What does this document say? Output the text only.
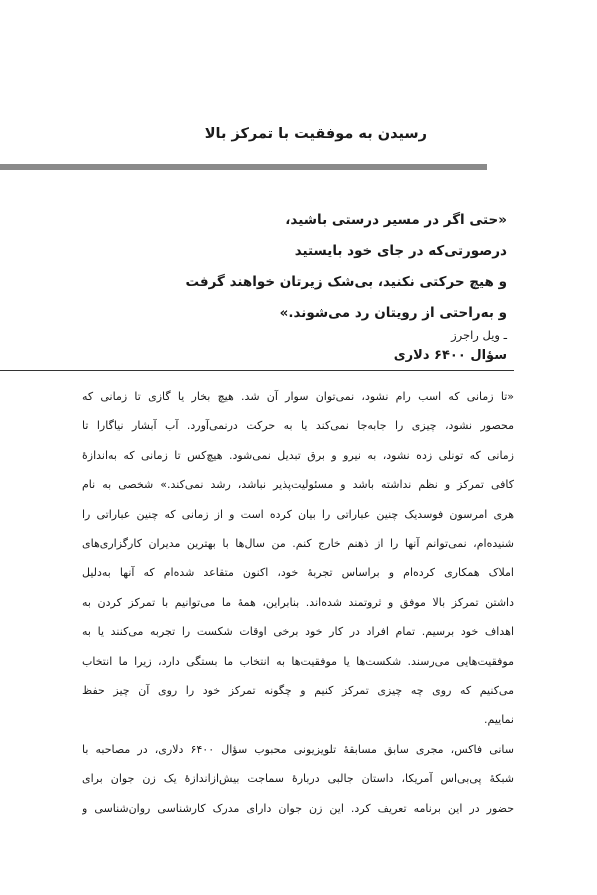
رسیدن به موفقیت با تمرکز بالا
«حتی اگر در مسیر درستی باشید،
درصورتی‌که در جای خود بایستید
و هیچ حرکتی نکنید، بی‌شک زیرتان خواهند گرفت
و به‌راحتی از رویتان رد می‌شوند.»
ـ ویل راجرز
سؤال ۶۴۰۰ دلاری
«تا زمانی که اسب رام نشود، نمی‌توان سوار آن شد. هیچ بخار یا گازی تا زمانی که
محصور نشود، چیزی را جابه‌جا نمی‌کند یا به حرکت درنمی‌آورد. آب آبشار نیاگارا تا
زمانی که تونلی زده نشود، به نیرو و برق تبدیل نمی‌شود. هیچ‌کس تا زمانی که به‌اندازهٔ
کافی تمرکز و نظم نداشته باشد و مسئولیت‌پذیر نباشد، رشد نمی‌کند.» شخصی به نام
هری امرسون فوسدیک چنین عباراتی را بیان کرده است و از زمانی که چنین عباراتی را
شنیده‌ام، نمی‌توانم آنها را از ذهنم خارج کنم. من سال‌ها با بهترین مدیران کارگزاری‌های
املاک همکاری کرده‌ام و براساس تجربهٔ خود، اکنون متقاعد شده‌ام که آنها به‌دلیل
داشتن تمرکز بالا موفق و ثروتمند شده‌اند. بنابراین، همهٔ ما می‌توانیم با تمرکز کردن به
اهداف خود برسیم. تمام افراد در کار خود برخی اوقات شکست را تجربه می‌کنند یا به
موفقیت‌هایی می‌رسند. شکست‌ها یا موفقیت‌ها به انتخاب ما بستگی دارد، زیرا ما انتخاب
می‌کنیم که روی چه چیزی تمرکز کنیم و چگونه تمرکز خود را روی آن چیز حفظ
نماییم.
سانی فاکس، مجری سابق مسابقهٔ تلویزیونی محبوب سؤال ۶۴۰۰ دلاری، در مصاحبه با
شبکهٔ پی‌بی‌اس آمریکا، داستان جالبی دربارهٔ سماجت بیش‌ازاندازهٔ یک زن جوان برای
حضور در این برنامه تعریف کرد. این زن جوان دارای مدرک کارشناسی روان‌شناسی و
